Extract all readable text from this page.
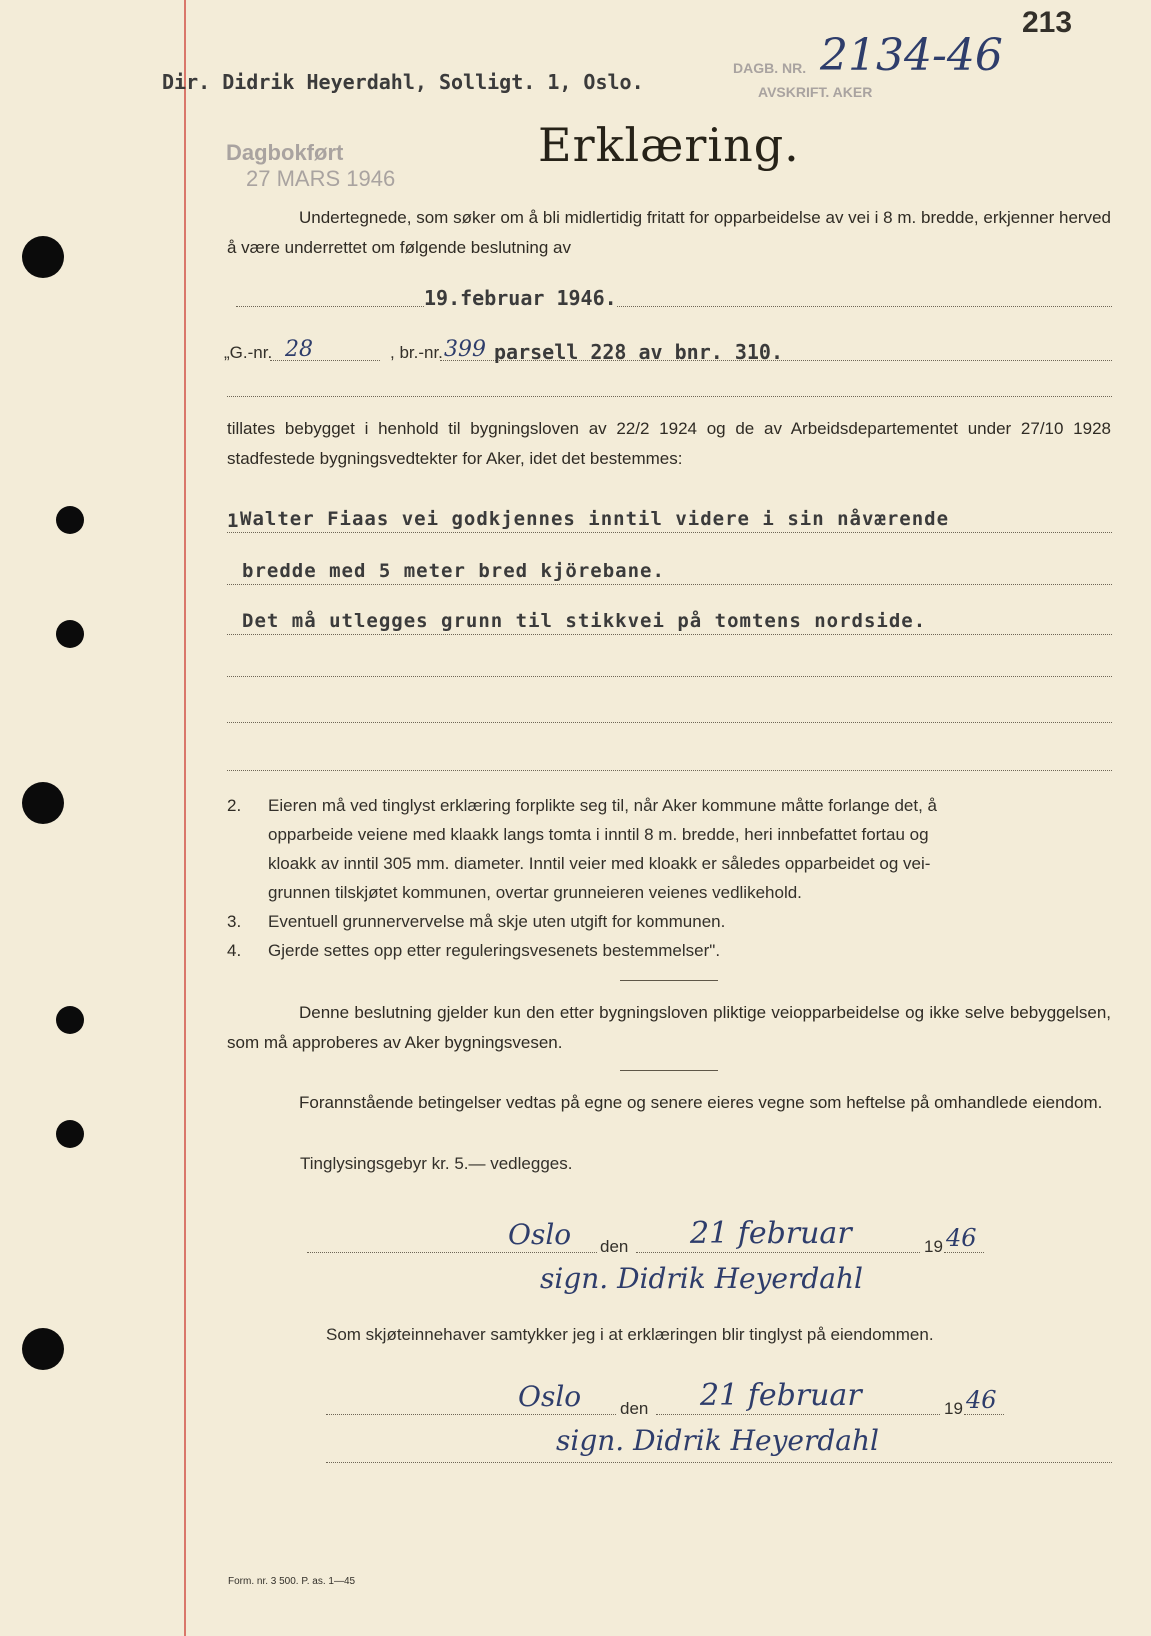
Dir. Didrik Heyerdahl, Solligt. 1, Oslo.
DAGB. NR. 2134-46
AVSKRIFT. AKER
213
Dagbokført
27 MARS 1946
Erklæring.
Undertegnede, som søker om å bli midlertidig fritatt for opparbeidelse av vei i 8 m. bredde, erkjenner herved å være underrettet om følgende beslutning av
19.februar 1946.
„G.-nr. 28	, br.-nr. 399 parsell 228 av bnr. 310.
tillates bebygget i henhold til bygningsloven av 22/2 1924 og de av Arbeidsdepartementet under 27/10 1928 stadfestede bygningsvedtekter for Aker, idet det bestemmes:
1 Walter Fiaas vei godkjennes inntil videre i sin nåværende
bredde med 5 meter bred kjörebane.
Det må utlegges grunn til stikkvei på tomtens nordside.
2. Eieren må ved tinglyst erklæring forplikte seg til, når Aker kommune måtte forlange det, å
opparbeide veiene med klaakk langs tomta i inntil 8 m. bredde, heri innbefattet fortau og
kloakk av inntil 305 mm. diameter. Inntil veier med kloakk er således opparbeidet og vei-
grunnen tilskjøtet kommunen, overtar grunneieren veienes vedlikehold.
3. Eventuell grunnervervelse må skje uten utgift for kommunen.
4. Gjerde settes opp etter reguleringsvesenets bestemmelser".
Denne beslutning gjelder kun den etter bygningsloven pliktige veiopparbeidelse og ikke selve bebyggelsen, som må approberes av Aker bygningsvesen.
Forannstående betingelser vedtas på egne og senere eieres vegne som heftelse på omhandlede eiendom.
Tinglysingsgebyr kr. 5.— vedlegges.
Oslo den 21 februar	19 46
sign. Didrik Heyerdahl
Som skjøteinnehaver samtykker jeg i at erklæringen blir tinglyst på eiendommen.
Oslo den 21 februar	19 46
sign. Didrik Heyerdahl
Form. nr. 3 500. P. as. 1—45
